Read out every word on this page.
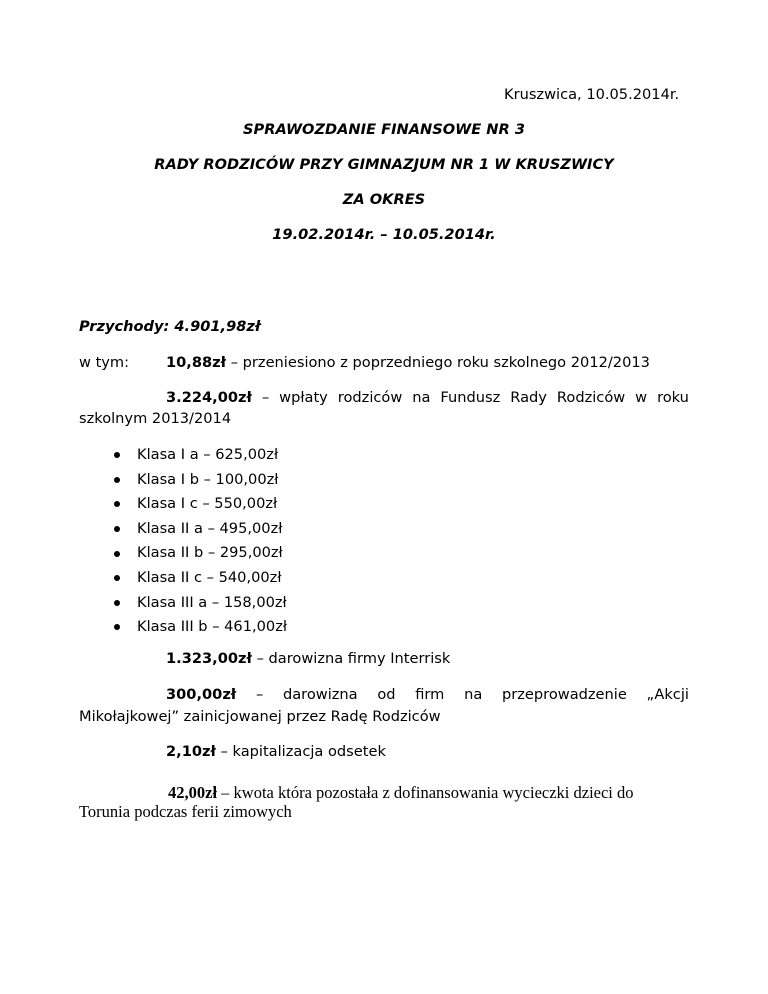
Kruszwica, 10.05.2014r.
SPRAWOZDANIE FINANSOWE NR 3
RADY RODZICÓW PRZY GIMNAZJUM NR 1 W KRUSZWICY
ZA OKRES
19.02.2014r. – 10.05.2014r.
Przychody: 4.901,98zł
w tym:	10,88zł – przeniesiono z poprzedniego roku szkolnego 2012/2013
3.224,00zł – wpłaty rodziców na Fundusz Rady Rodziców w roku
szkolnym 2013/2014
Klasa I a – 625,00zł
Klasa I b – 100,00zł
Klasa I c – 550,00zł
Klasa II a – 495,00zł
Klasa II b – 295,00zł
Klasa II c – 540,00zł
Klasa III a – 158,00zł
Klasa III b – 461,00zł
1.323,00zł – darowizna firmy Interrisk
300,00zł – darowizna od firm na przeprowadzenie „Akcji
Mikołajkowej” zainicjowanej przez Radę Rodziców
2,10zł – kapitalizacja odsetek
42,00zł – kwota która pozostała z dofinansowania wycieczki dzieci do
Torunia podczas ferii zimowych
